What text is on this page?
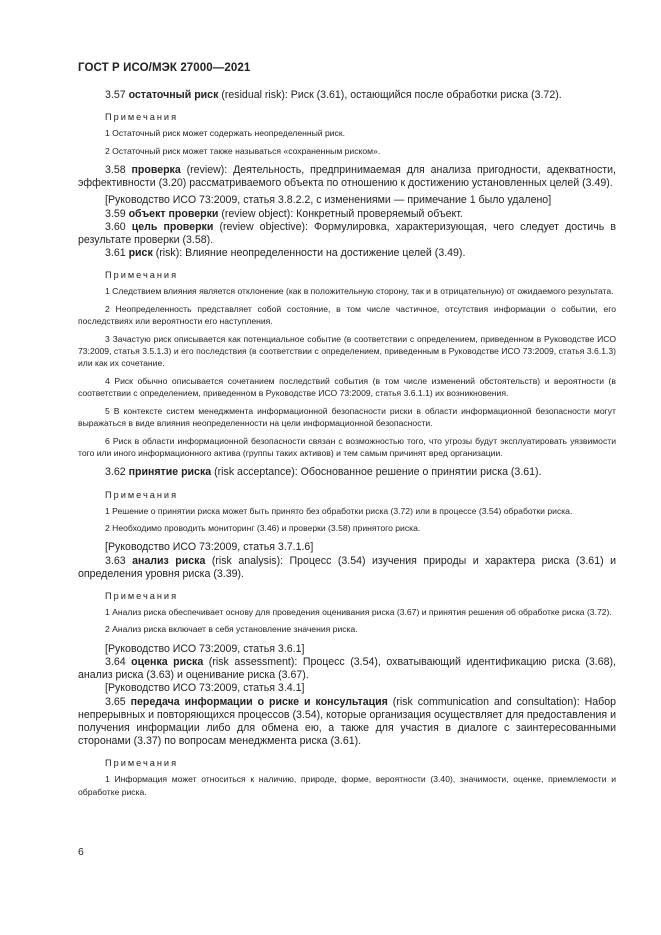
ГОСТ Р ИСО/МЭК 27000—2021

3.57 остаточный риск (residual risk): Риск (3.61), остающийся после обработки риска (3.72).

Примечания

1 Остаточный риск может содержать неопределенный риск.

2 Остаточный риск может также называться «сохраненным риском».

3.58 проверка (review): Деятельность, предпринимаемая для анализа пригодности, адекватности, эффективности (3.20) рассматриваемого объекта по отношению к достижению установленных целей (3.49).

[Руководство ИСО 73:2009, статья 3.8.2.2, с изменениями — примечание 1 было удалено]

3.59 объект проверки (review object): Конкретный проверяемый объект.

3.60 цель проверки (review objective): Формулировка, характеризующая, чего следует достичь в результате проверки (3.58).

3.61 риск (risk): Влияние неопределенности на достижение целей (3.49).

Примечания

1 Следствием влияния является отклонение (как в положительную сторону, так и в отрицательную) от ожидаемого результата.

2 Неопределенность представляет собой состояние, в том числе частичное, отсутствия информации о событии, его последствиях или вероятности его наступления.

3 Зачастую риск описывается как потенциальное событие (в соответствии с определением, приведенном в Руководстве ИСО 73:2009, статья 3.5.1.3) и его последствия (в соответствии с определением, приведенным в Руководстве ИСО 73:2009, статья 3.6.1.3) или как их сочетание.

4 Риск обычно описывается сочетанием последствий события (в том числе изменений обстоятельств) и вероятности (в соответствии с определением, приведенном в Руководстве ИСО 73:2009, статья 3.6.1.1) их возникновения.

5 В контексте систем менеджмента информационной безопасности риски в области информационной безопасности могут выражаться в виде влияния неопределенности на цели информационной безопасности.

6 Риск в области информационной безопасности связан с возможностью того, что угрозы будут эксплуатировать уязвимости того или иного информационного актива (группы таких активов) и тем самым причинят вред организации.

3.62 принятие риска (risk acceptance): Обоснованное решение о принятии риска (3.61).

Примечания

1 Решение о принятии риска может быть принято без обработки риска (3.72) или в процессе (3.54) обработки риска.

2 Необходимо проводить мониторинг (3.46) и проверки (3.58) принятого риска.

[Руководство ИСО 73:2009, статья 3.7.1.6]

3.63 анализ риска (risk analysis): Процесс (3.54) изучения природы и характера риска (3.61) и определения уровня риска (3.39).

Примечания

1 Анализ риска обеспечивает основу для проведения оценивания риска (3.67) и принятия решения об обработке риска (3.72).

2 Анализ риска включает в себя установление значения риска.

[Руководство ИСО 73:2009, статья 3.6.1]

3.64 оценка риска (risk assessment): Процесс (3.54), охватывающий идентификацию риска (3.68), анализ риска (3.63) и оценивание риска (3.67).

[Руководство ИСО 73:2009, статья 3.4.1]

3.65 передача информации о риске и консультация (risk communication and consultation): Набор непрерывных и повторяющихся процессов (3.54), которые организация осуществляет для предоставления и получения информации либо для обмена ею, а также для участия в диалоге с заинтересованными сторонами (3.37) по вопросам менеджмента риска (3.61).

Примечания

1 Информация может относиться к наличию, природе, форме, вероятности (3.40), значимости, оценке, приемлемости и обработке риска.

6
